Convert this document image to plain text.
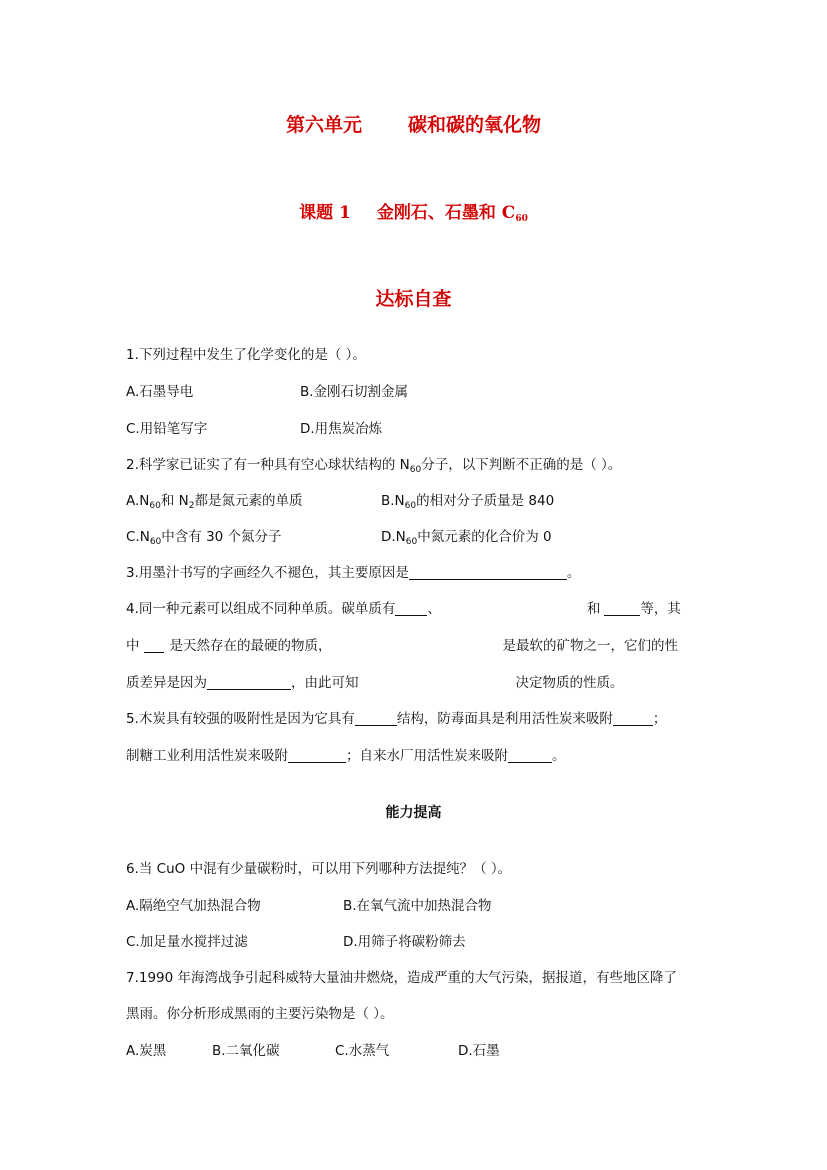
第六单元 碳和碳的氧化物
课题 1 金刚石、石墨和 $C_{60}$
达标自查
1.下列过程中发生了化学变化的是（ ）。
A.石墨导电	B.金刚石切割金属
C.用铅笔写字	D.用焦炭冶炼
2.科学家已证实了有一种具有空心球状结构的 $N_{60}$分子，以下判断不正确的是（ ）。
$A.N_{60}$和 $N_2$都是氮元素的单质	$B.N_{60}$的相对分子质量是 840
$C.N_{60}$中含有 30 个氮分子	$D.N_{60}$中氮元素的化合价为 0
3.用墨汁书写的字画经久不褪色，其主要原因是	。
4.同一种元素可以组成不同种单质。碳单质有 、	和	等，其
中 是天然存在的最硬的物质，	是最软的矿物之一，它们的性
质差异是因为	，由此可知	决定物质的性质。
5.木炭具有较强的吸附性是因为它具有	结构，防毒面具是利用活性炭来吸附	；
制糖工业利用活性炭来吸附	；自来水厂用活性炭来吸附	。
能力提高
6.当 CuO 中混有少量碳粉时，可以用下列哪种方法提纯？（ ）。
A.隔绝空气加热混合物	B.在氧气流中加热混合物
C.加足量水搅拌过滤	D.用筛子将碳粉筛去
7.1990 年海湾战争引起科威特大量油井燃烧，造成严重的大气污染，据报道，有些地区降了
黑雨。你分析形成黑雨的主要污染物是（ ）。
A.炭黑	B.二氧化碳	C.水蒸气	D.石墨
